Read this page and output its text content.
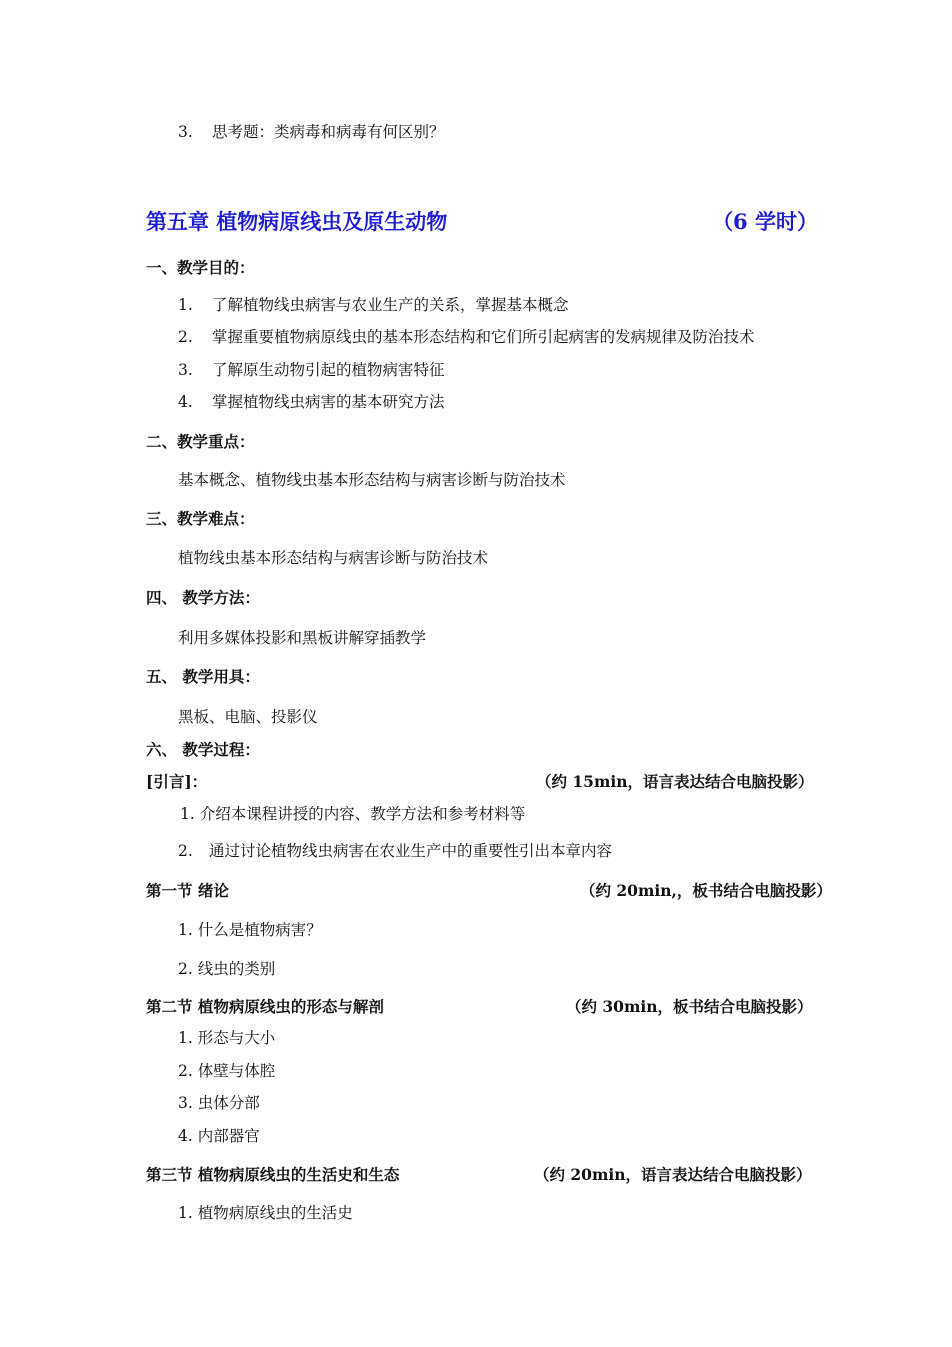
3. 思考题：类病毒和病毒有何区别？
第五章 植物病原线虫及原生动物	（6 学时）
一、教学目的：
1. 了解植物线虫病害与农业生产的关系，掌握基本概念
2. 掌握重要植物病原线虫的基本形态结构和它们所引起病害的发病规律及防治技术
3. 了解原生动物引起的植物病害特征
4. 掌握植物线虫病害的基本研究方法
二、教学重点：
基本概念、植物线虫基本形态结构与病害诊断与防治技术
三、教学难点：
植物线虫基本形态结构与病害诊断与防治技术
四、 教学方法：
利用多媒体投影和黑板讲解穿插教学
五、 教学用具：
黑板、电脑、投影仪
六、 教学过程：
[引言]：	（约 15min，语言表达结合电脑投影）
1. 介绍本课程讲授的内容、教学方法和参考材料等
2. 通过讨论植物线虫病害在农业生产中的重要性引出本章内容
第一节 绪论	（约 20min,，板书结合电脑投影）
1. 什么是植物病害？
2. 线虫的类别
第二节 植物病原线虫的形态与解剖	（约 30min，板书结合电脑投影）
1. 形态与大小
2. 体壁与体腔
3. 虫体分部
4. 内部器官
第三节 植物病原线虫的生活史和生态	（约 20min，语言表达结合电脑投影）
1. 植物病原线虫的生活史
